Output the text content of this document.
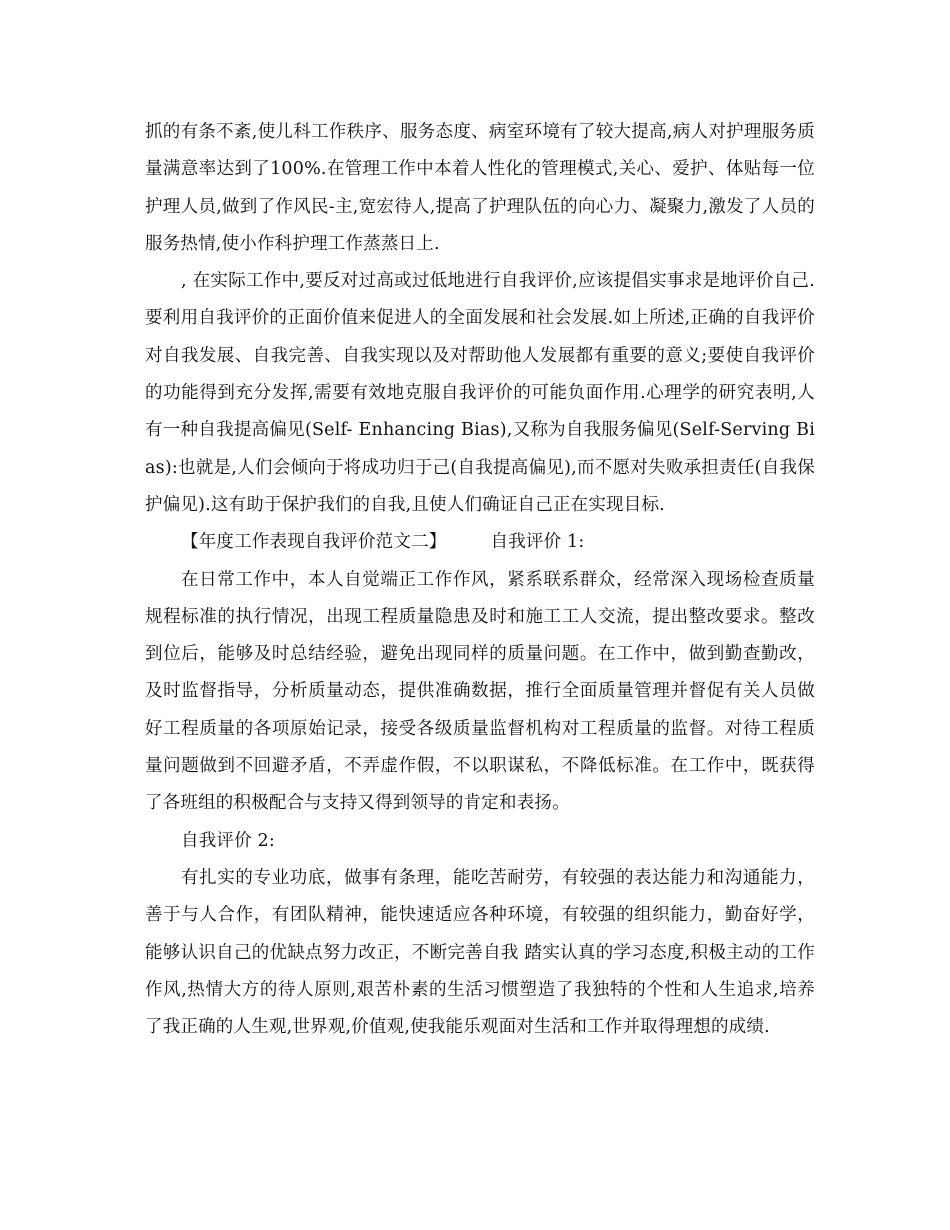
抓的有条不紊,使儿科工作秩序、服务态度、病室环境有了较大提高,病人对护理服务质量满意率达到了100%.在管理工作中本着人性化的管理模式,关心、爱护、体贴每一位护理人员,做到了作风民-主,宽宏待人,提高了护理队伍的向心力、凝聚力,激发了人员的服务热情,使小作科护理工作蒸蒸日上.

, 在实际工作中,要反对过高或过低地进行自我评价,应该提倡实事求是地评价自己.要利用自我评价的正面价值来促进人的全面发展和社会发展.如上所述,正确的自我评价对自我发展、自我完善、自我实现以及对帮助他人发展都有重要的意义;要使自我评价的功能得到充分发挥,需要有效地克服自我评价的可能负面作用.心理学的研究表明,人有一种自我提高偏见(Self- Enhancing Bias),又称为自我服务偏见(Self-Serving Bias):也就是,人们会倾向于将成功归于己(自我提高偏见),而不愿对失败承担责任(自我保护偏见).这有助于保护我们的自我,且使人们确证自己正在实现目标.

【年度工作表现自我评价范文二】	自我评价 1:

在日常工作中，本人自觉端正工作作风，紧系联系群众，经常深入现场检查质量规程标准的执行情况，出现工程质量隐患及时和施工工人交流，提出整改要求。整改到位后，能够及时总结经验，避免出现同样的质量问题。在工作中，做到勤查勤改，及时监督指导，分析质量动态，提供准确数据，推行全面质量管理并督促有关人员做好工程质量的各项原始记录，接受各级质量监督机构对工程质量的监督。对待工程质量问题做到不回避矛盾，不弄虚作假，不以职谋私，不降低标准。在工作中，既获得了各班组的积极配合与支持又得到领导的肯定和表扬。

自我评价 2:

有扎实的专业功底，做事有条理，能吃苦耐劳，有较强的表达能力和沟通能力，善于与人合作，有团队精神，能快速适应各种环境，有较强的组织能力，勤奋好学，能够认识自己的优缺点努力改正，不断完善自我 踏实认真的学习态度,积极主动的工作作风,热情大方的待人原则,艰苦朴素的生活习惯塑造了我独特的个性和人生追求,培养了我正确的人生观,世界观,价值观,使我能乐观面对生活和工作并取得理想的成绩.
